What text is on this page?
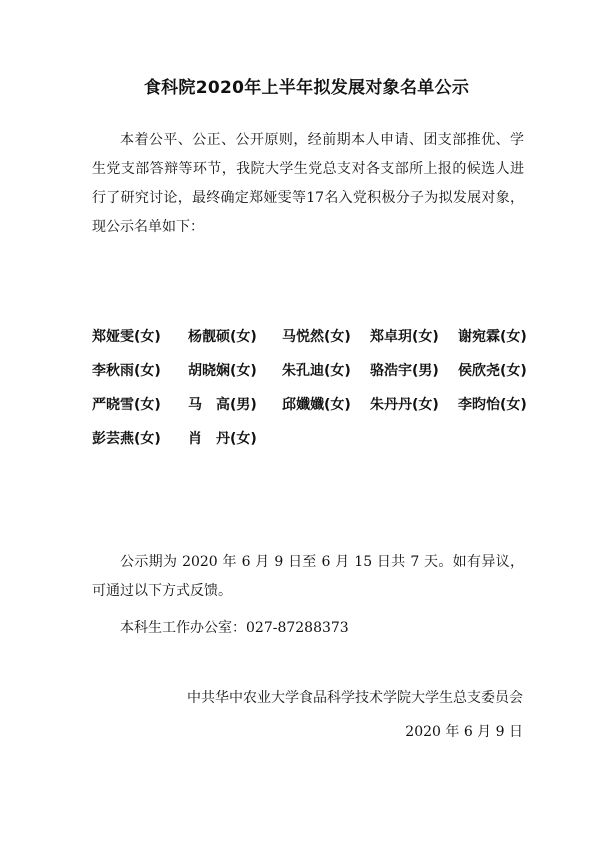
食科院2020年上半年拟发展对象名单公示
本着公平、公正、公开原则，经前期本人申请、团支部推优、学生党支部答辩等环节，我院大学生党总支对各支部所上报的候选人进行了研究讨论，最终确定郑娅雯等17名入党积极分子为拟发展对象，现公示名单如下：
郑娅雯(女) 杨靓硕(女) 马悦然(女) 郑卓玥(女) 谢宛霖(女)
李秋雨(女) 胡晓娴(女) 朱孔迪(女) 骆浩宇(男) 侯欣尧(女)
严晓雪(女) 马　高(男) 邱孅孅(女) 朱丹丹(女) 李昀怡(女)
彭芸燕(女) 肖　丹(女)
公示期为 2020 年 6 月 9 日至 6 月 15 日共 7 天。如有异议，可通过以下方式反馈。
本科生工作办公室：027-87288373
中共华中农业大学食品科学技术学院大学生总支委员会
2020 年 6 月 9 日
